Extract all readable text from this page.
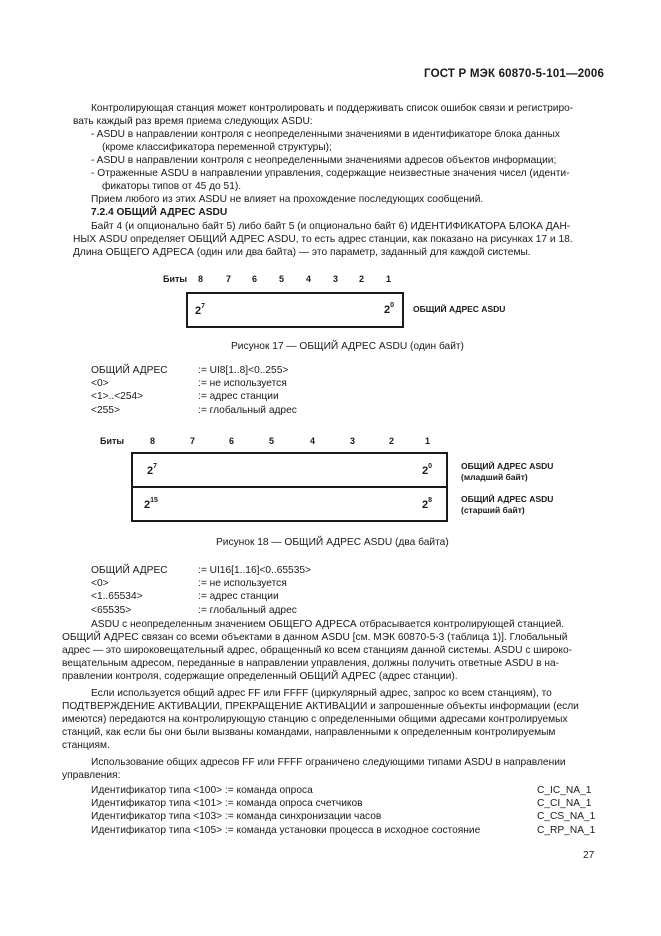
ГОСТ Р МЭК 60870-5-101—2006
Контролирующая станция может контролировать и поддерживать список ошибок связи и регистриро-
вать каждый раз время приема следующих ASDU:
- ASDU в направлении контроля с неопределенными значениями в идентификаторе блока данных
(кроме классификатора переменной структуры);
- ASDU в направлении контроля с неопределенными значениями адресов объектов информации;
- Отраженные ASDU в направлении управления, содержащие неизвестные значения чисел (иденти-
фикаторы типов от 45 до 51).
Прием любого из этих ASDU не влияет на прохождение последующих сообщений.
7.2.4 ОБЩИЙ АДРЕС ASDU
Байт 4 (и опционально байт 5) либо байт 5 (и опционально байт 6) ИДЕНТИФИКАТОРА БЛОКА ДАН-
НЫХ ASDU определяет ОБЩИЙ АДРЕС ASDU, то есть адрес станции, как показано на рисунках 17 и 18.
Длина ОБЩЕГО АДРЕСА (один или два байта) — это параметр, заданный для каждой системы.
Биты 8	7 6 5 4 3 2 1
$2^7$	$2^0$ ОБЩИЙ АДРЕС ASDU
Рисунок 17 — ОБЩИЙ АДРЕС ASDU (один байт)
ОБЩИЙ АДРЕС	:= UI8[1..8]<0..255>
<0>	:= не используется
<1>..<254>	:= адрес станции
<255>	:= глобальный адрес
Биты	8	7	6	5	4	3	2	1
$2^7$	$2^0$
$2^{15}$	$2^8$
ОБЩИЙ АДРЕС ASDU
(младший байт)
ОБЩИЙ АДРЕС ASDU
(старший байт)
Рисунок 18 — ОБЩИЙ АДРЕС ASDU (два байта)
ОБЩИЙ АДРЕС	:= UI16[1..16]<0..65535>
<0>	:= не используется
<1..65534>	:= адрес станции
<65535>	:= глобальный адрес
ASDU с неопределенным значением ОБЩЕГО АДРЕСА отбрасывается контролирующей станцией.
ОБЩИЙ АДРЕС связан со всеми объектами в данном ASDU [см. МЭК 60870-5-3 (таблица 1)]. Глобальный
адрес — это широковещательный адрес, обращенный ко всем станциям данной системы. ASDU с широко-
вещательным адресом, переданные в направлении управления, должны получить ответные ASDU в на-
правлении контроля, содержащие определенный ОБЩИЙ АДРЕС (адрес станции).
Если используется общий адрес FF или FFFF (циркулярный адрес, запрос ко всем станциям), то
ПОДТВЕРЖДЕНИЕ АКТИВАЦИИ, ПРЕКРАЩЕНИЕ АКТИВАЦИИ и запрошенные объекты информации (если
имеются) передаются на контролирующую станцию с определенными общими адресами контролируемых
станций, как если бы они были вызваны командами, направленными к определенным контролируемым
станциям.
Использование общих адресов FF или FFFF ограничено следующими типами ASDU в направлении
управления:
Идентификатор типа <100> := команда опроса	C_IC_NA_1
Идентификатор типа <101> := команда опроса счетчиков	C_CI_NA_1
Идентификатор типа <103> := команда синхронизации часов	C_CS_NA_1
Идентификатор типа <105> := команда установки процесса в исходное состояние	C_RP_NA_1
27
